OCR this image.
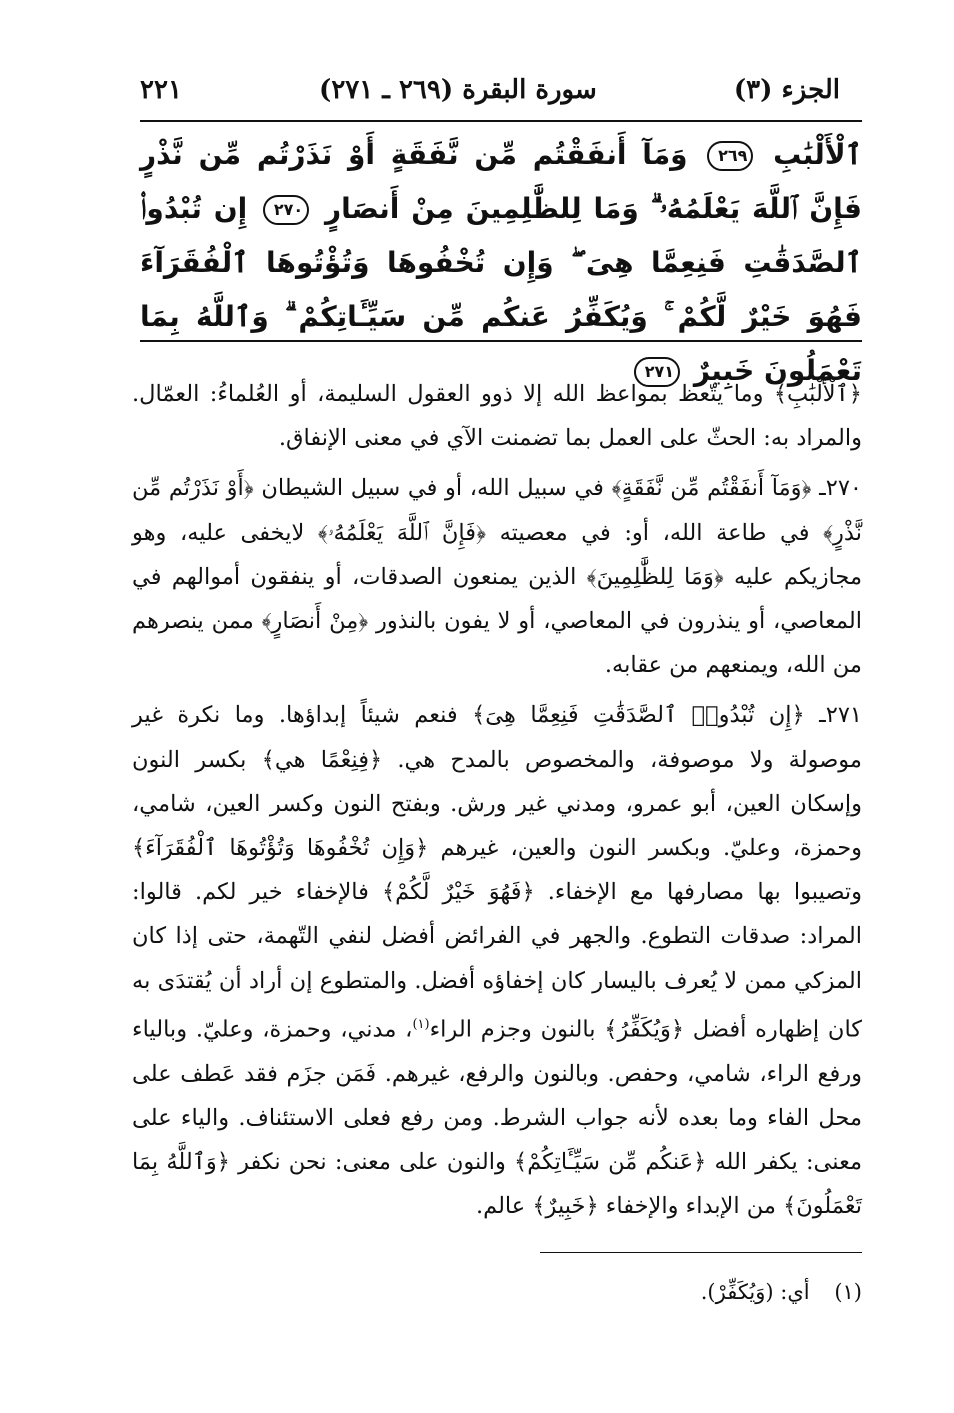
الجزء (٣)
سورة البقرة (٢٦٩ ـ ٢٧١)
٢٢١
ٱلْأَلْبَٰبِ ٢٦٩ وَمَآ أَنفَقْتُم مِّن نَّفَقَةٍ أَوْ نَذَرْتُم مِّن نَّذْرٍ فَإِنَّ ٱللَّهَ يَعْلَمُهُۥ ۗ وَمَا لِلظَّٰلِمِينَ مِنْ أَنصَارٍ ٢٧٠ إِن تُبْدُوا۟ ٱلصَّدَقَٰتِ فَنِعِمَّا هِىَ ۖ وَإِن تُخْفُوهَا وَتُؤْتُوهَا ٱلْفُقَرَآءَ فَهُوَ خَيْرٌ لَّكُمْ ۚ وَيُكَفِّرُ عَنكُم مِّن سَيِّـَٔاتِكُمْ ۗ وَٱللَّهُ بِمَا تَعْمَلُونَ خَبِيرٌ ٢٧١

﴿ٱلْأَلْبَٰبِ﴾ وما يتّعظ بمواعظ الله إلا ذوو العقول السليمة، أو العُلماءُ: العمّال. والمراد به: الحثّ على العمل بما تضمنت الآي في معنى الإنفاق.

٢٧٠ـ ﴿وَمَآ أَنفَقْتُم مِّن نَّفَقَةٍ﴾ في سبيل الله، أو في سبيل الشيطان ﴿أَوْ نَذَرْتُم مِّن نَّذْرٍ﴾ في طاعة الله، أو: في معصيته ﴿فَإِنَّ ٱللَّهَ يَعْلَمُهُۥ﴾ لايخفى عليه، وهو مجازيكم عليه ﴿وَمَا لِلظَّٰلِمِينَ﴾ الذين يمنعون الصدقات، أو ينفقون أموالهم في المعاصي، أو ينذرون في المعاصي، أو لا يفون بالنذور ﴿مِنْ أَنصَارٍ﴾ ممن ينصرهم من الله، ويمنعهم من عقابه.

٢٧١ـ ﴿إِن تُبْدُوا۟ ٱلصَّدَقَٰتِ فَنِعِمَّا هِىَ﴾ فنعم شيئاً إبداؤها. وما نكرة غير موصولة ولا موصوفة، والمخصوص بالمدح هي. ﴿فِنِعْمًا هي﴾ بكسر النون وإسكان العين، أبو عمرو، ومدني غير ورش. وبفتح النون وكسر العين، شامي، وحمزة، وعليّ. وبكسر النون والعين، غيرهم ﴿وَإِن تُخْفُوهَا وَتُؤْتُوهَا ٱلْفُقَرَآءَ﴾ وتصيبوا بها مصارفها مع الإخفاء. ﴿فَهُوَ خَيْرٌ لَّكُمْ﴾ فالإخفاء خير لكم. قالوا: المراد: صدقات التطوع. والجهر في الفرائض أفضل لنفي التّهمة، حتى إذا كان المزكي ممن لا يُعرف باليسار كان إخفاؤه أفضل. والمتطوع إن أراد أن يُقتدَى به كان إظهاره أفضل ﴿وَيُكَفِّرُ﴾ بالنون وجزم الراء$^{(١)}$، مدني، وحمزة، وعليّ. وبالياء ورفع الراء، شامي، وحفص. وبالنون والرفع، غيرهم. فَمَن جزَم فقد عَطف على محل الفاء وما بعده لأنه جواب الشرط. ومن رفع فعلى الاستئناف. والياء على معنى: يكفر الله ﴿عَنكُم مِّن سَيِّـَٔاتِكُمْ﴾ والنون على معنى: نحن نكفر ﴿وَٱللَّهُ بِمَا تَعْمَلُونَ﴾ من الإبداء والإخفاء ﴿خَبِيرٌ﴾ عالم.

(١) أي: (وَيُكَفِّرْ).
